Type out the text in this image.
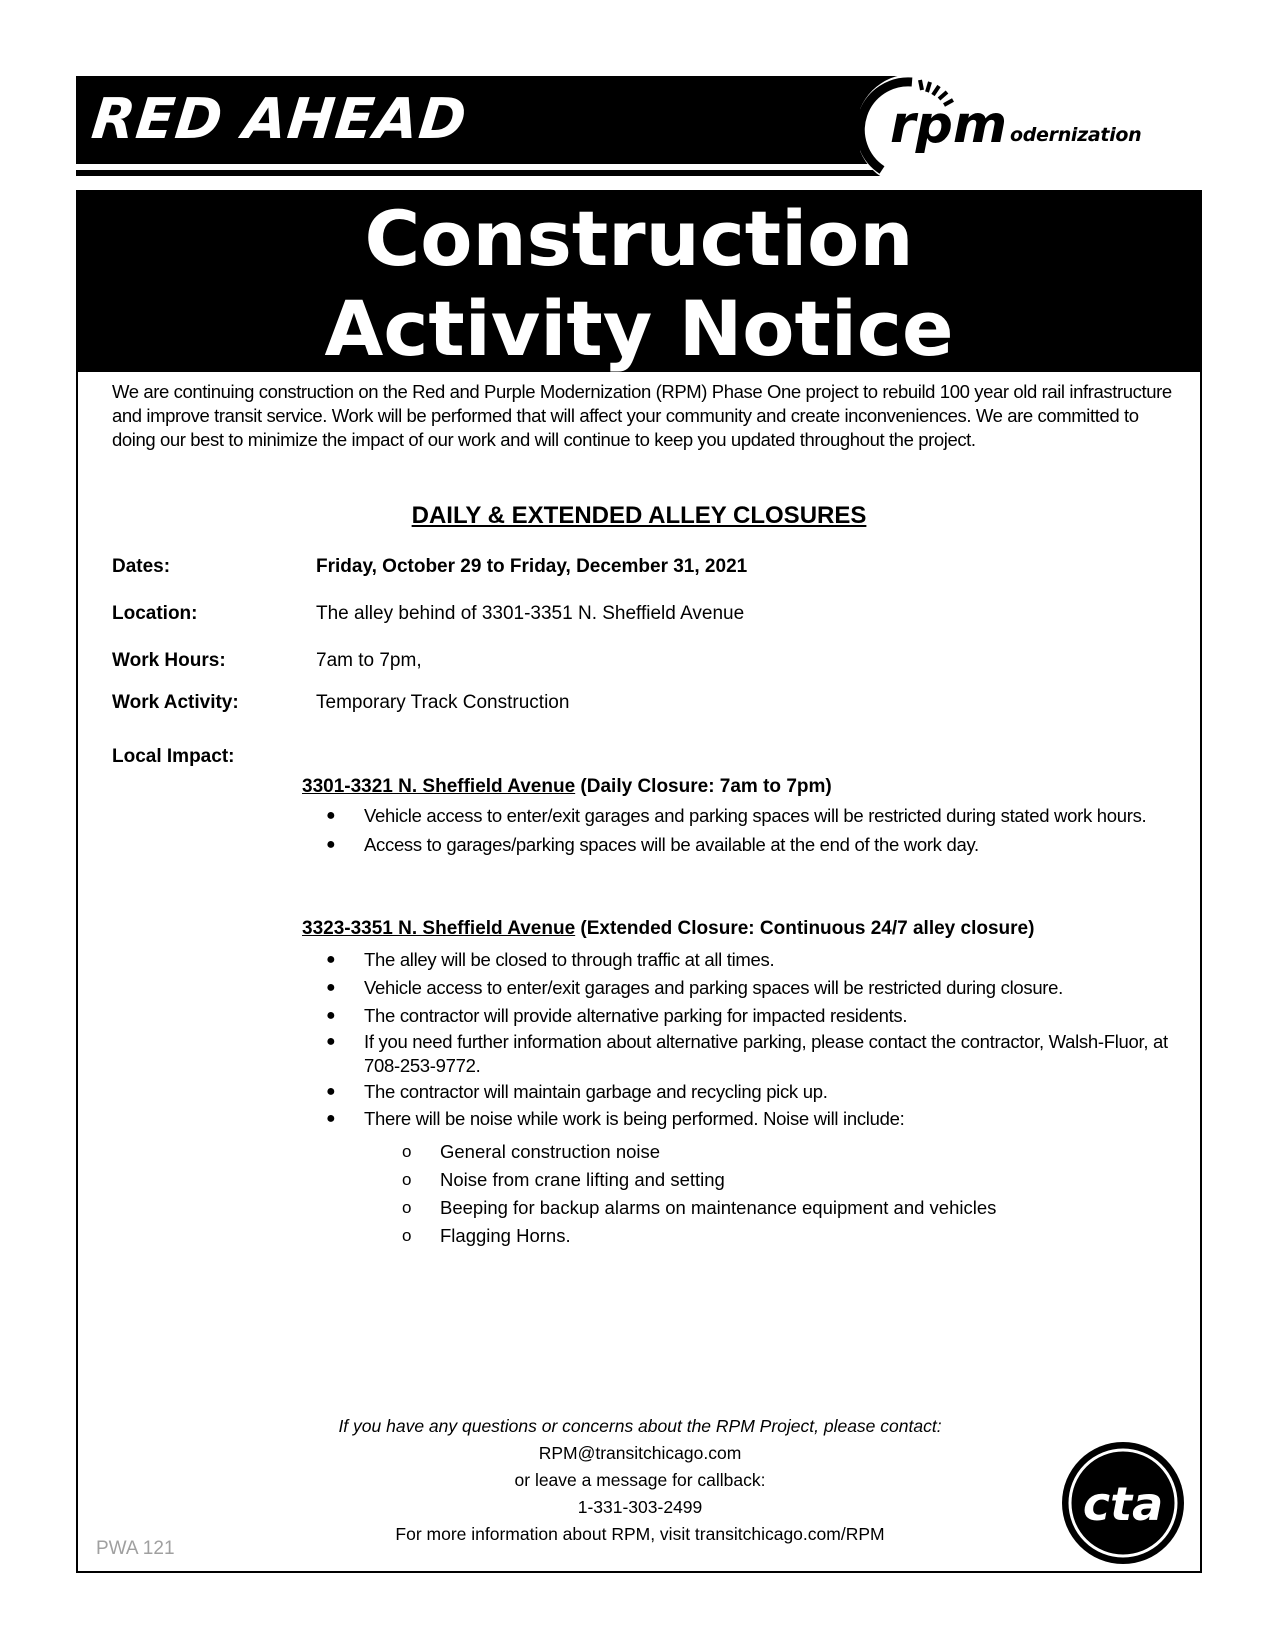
RED AHEAD	rpm odernization
Construction
Activity Notice
We are continuing construction on the Red and Purple Modernization (RPM) Phase One project to rebuild 100 year old rail infrastructure and improve transit service. Work will be performed that will affect your community and create inconveniences. We are committed to doing our best to minimize the impact of our work and will continue to keep you updated throughout the project.
DAILY & EXTENDED ALLEY CLOSURES
Dates:	Friday, October 29 to Friday, December 31, 2021
Location:	The alley behind of 3301-3351 N. Sheffield Avenue
Work Hours:	7am to 7pm,
Work Activity:	Temporary Track Construction
Local Impact:
3301-3321 N. Sheffield Avenue (Daily Closure: 7am to 7pm)
● Vehicle access to enter/exit garages and parking spaces will be restricted during stated work hours.
● Access to garages/parking spaces will be available at the end of the work day.
3323-3351 N. Sheffield Avenue (Extended Closure: Continuous 24/7 alley closure)
● The alley will be closed to through traffic at all times.
● Vehicle access to enter/exit garages and parking spaces will be restricted during closure.
● The contractor will provide alternative parking for impacted residents.
● If you need further information about alternative parking, please contact the contractor, Walsh-Fluor, at 708-253-9772.
● The contractor will maintain garbage and recycling pick up.
● There will be noise while work is being performed. Noise will include:
o General construction noise
o Noise from crane lifting and setting
o Beeping for backup alarms on maintenance equipment and vehicles
o Flagging Horns.
If you have any questions or concerns about the RPM Project, please contact:
RPM@transitchicago.com
or leave a message for callback:
1-331-303-2499
For more information about RPM, visit transitchicago.com/RPM
PWA 121
cta
